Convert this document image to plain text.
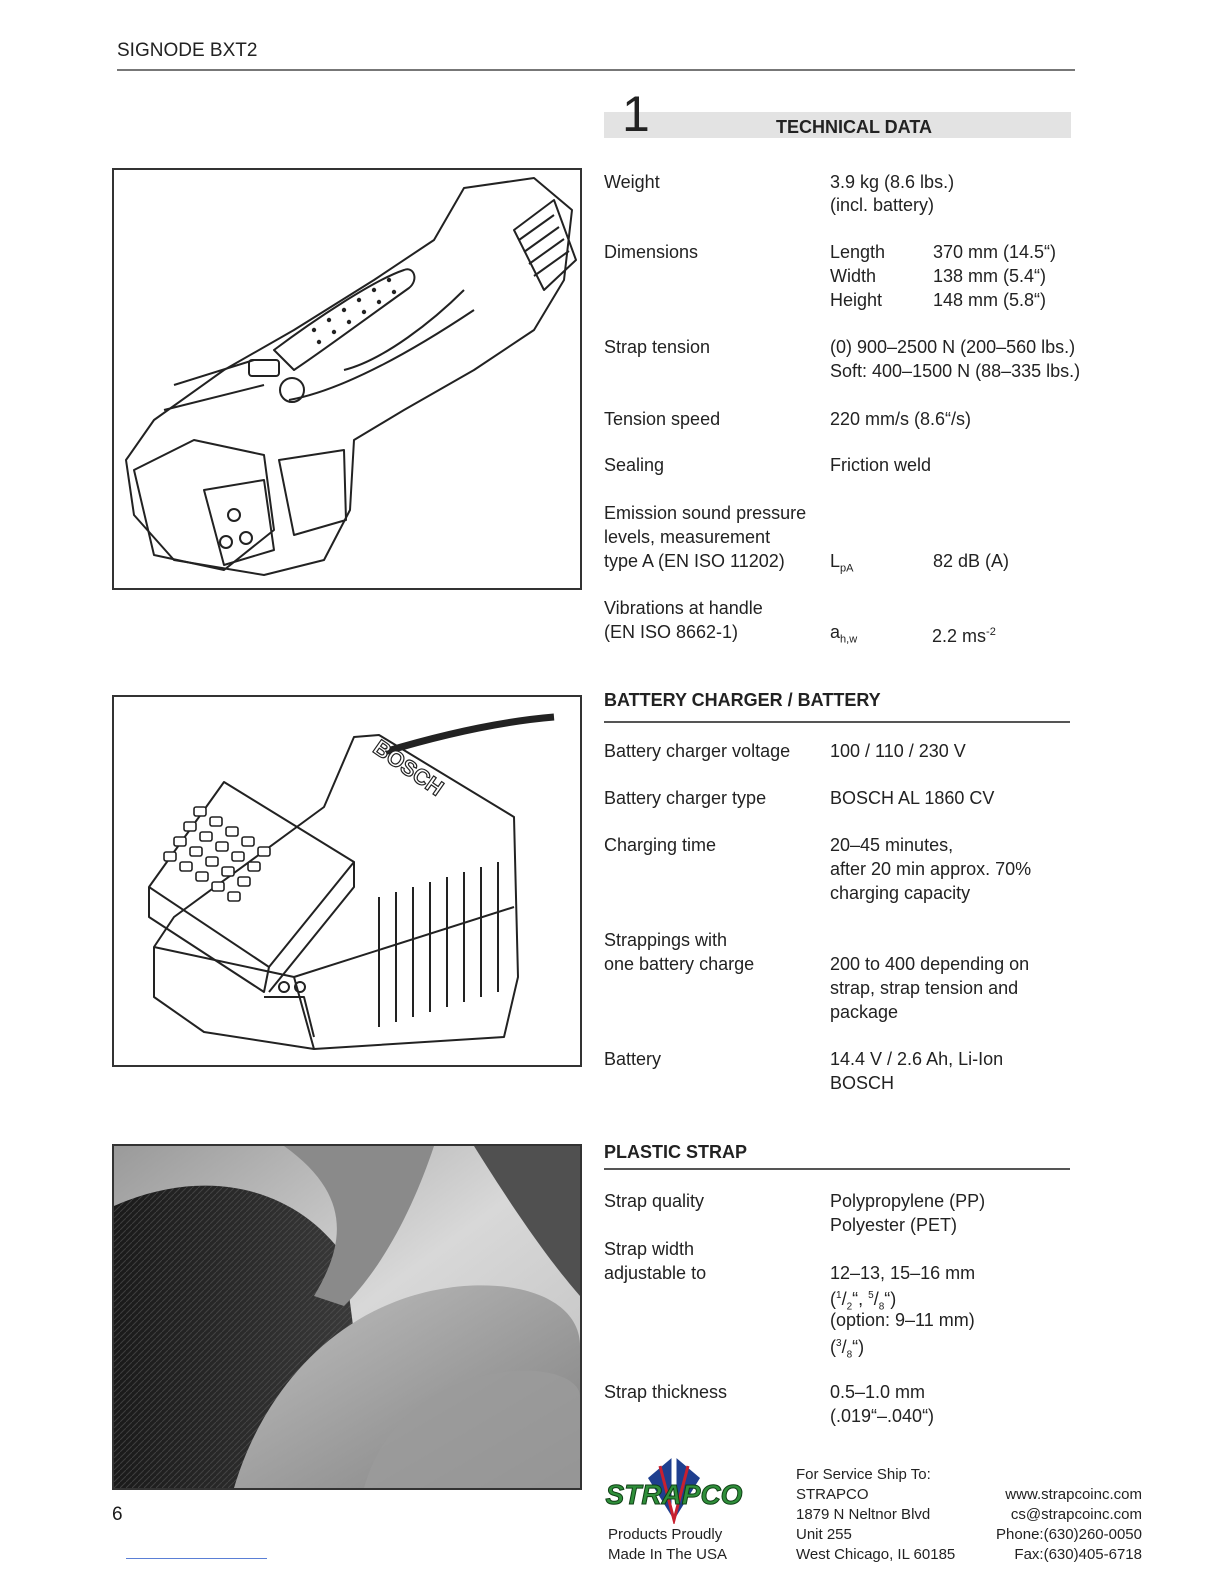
SIGNODE BXT2
1	TECHNICAL DATA
Weight	3.9 kg (8.6 lbs.)
(incl. battery)
Dimensions	Length	370 mm (14.5“)
Width	138 mm (5.4“)
Height	148 mm (5.8“)
Strap tension	(0) 900–2500 N (200–560 lbs.)
Soft: 400–1500 N (88–335 lbs.)
Tension speed	220 mm/s (8.6“/s)
Sealing	Friction weld
Emission sound pressure
levels, measurement
type A (EN ISO 11202)	$L_{pA}$	82 dB (A)
Vibrations at handle
(EN ISO 8662-1)	$a_{h,w}$	2.2 $ms^{-2}$
BOSCH
BATTERY CHARGER / BATTERY
Battery charger voltage 100 / 110 / 230 V
Battery charger type	BOSCH AL 1860 CV
Charging time	20–45 minutes,
after 20 min approx. 70%
charging capacity
Strappings with
one battery charge	200 to 400 depending on
strap, strap tension and
package
Battery	14.4 V / 2.6 Ah, Li-Ion
BOSCH
PLASTIC STRAP
Strap quality	Polypropylene (PP)
Polyester (PET)
Strap width
adjustable to	12–13, 15–16 mm
($^1/_2“$, $^5/_8“$)
(option: 9–11 mm)
$(^3/_8“)$
Strap thickness	0.5–1.0 mm
(.019“–.040“)
6
STRAPCO
Products Proudly
Made In The USA
For Service Ship To:
STRAPCO
1879 N Neltnor Blvd
Unit 255
West Chicago, IL 60185
www.strapcoinc.com
cs@strapcoinc.com
Phone:(630)260-0050
Fax:(630)405-6718
